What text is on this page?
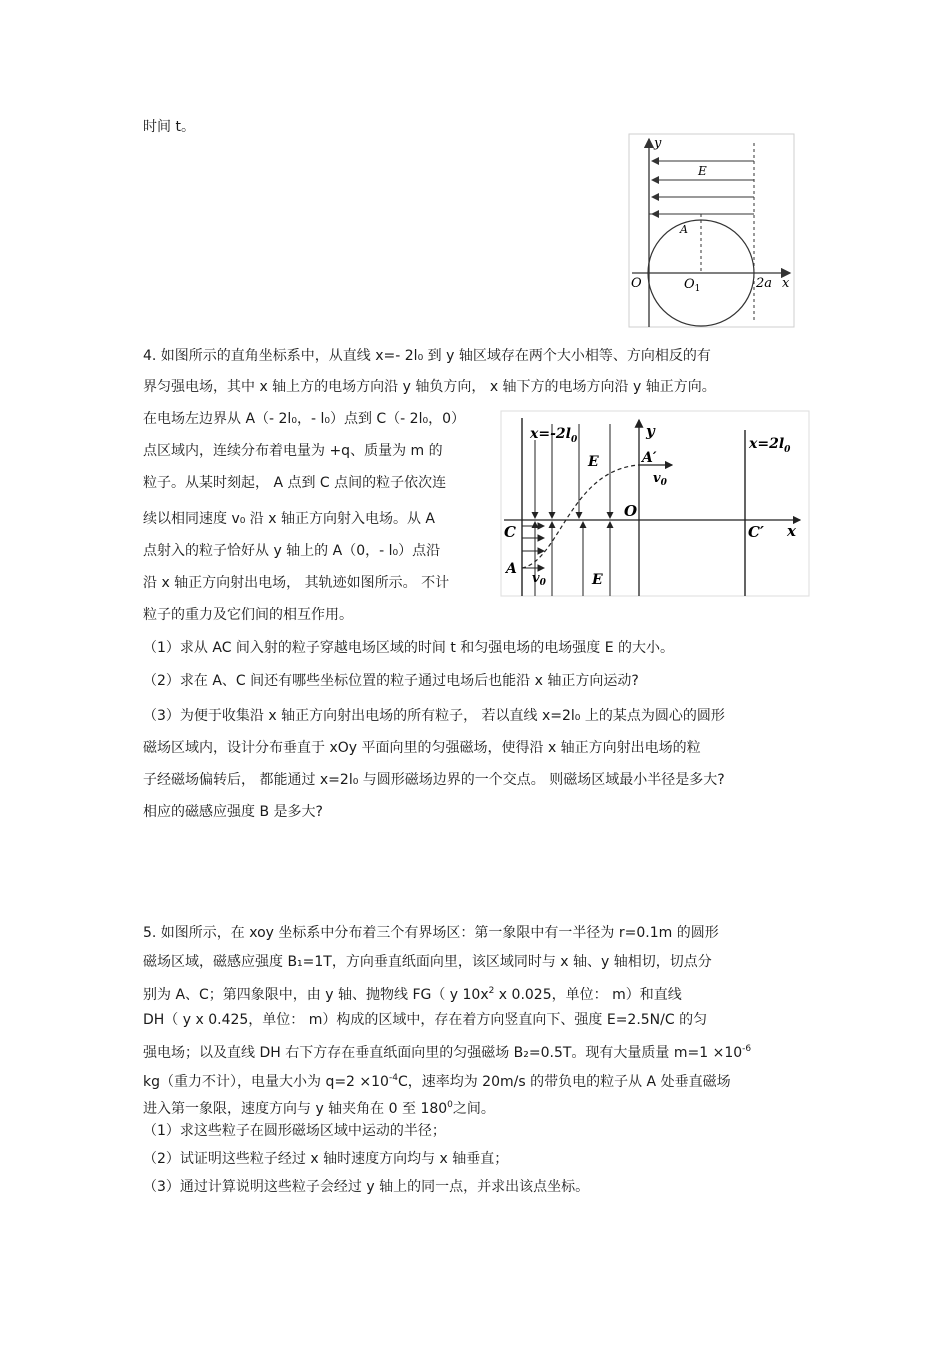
时间 t。
y
E
A
O	$O_1$	2a x
4. 如图所示的直角坐标系中，从直线 x=- 2l₀ 到 y 轴区域存在两个大小相等、方向相反的有
界匀强电场，其中 x 轴上方的电场方向沿 y 轴负方向， x 轴下方的电场方向沿 y 轴正方向。
在电场左边界从 A（- 2l₀，- l₀）点到 C（- 2l₀，0）
点区域内，连续分布着电量为 +q、质量为 m 的
粒子。从某时刻起， A 点到 C 点间的粒子依次连
续以相同速度 v₀ 沿 x 轴正方向射入电场。从 A
点射入的粒子恰好从 y 轴上的 A（0，- l₀）点沿
沿 x 轴正方向射出电场， 其轨迹如图所示。 不计
粒子的重力及它们间的相互作用。
（1）求从 AC 间入射的粒子穿越电场区域的时间 t 和匀强电场的电场强度 E 的大小。
（2）求在 A、C 间还有哪些坐标位置的粒子通过电场后也能沿 x 轴正方向运动?
（3）为便于收集沿 x 轴正方向射出电场的所有粒子， 若以直线 x=2l₀ 上的某点为圆心的圆形
磁场区域内，设计分布垂直于 xOy 平面向里的匀强磁场，使得沿 x 轴正方向射出电场的粒
子经磁场偏转后， 都能通过 x=2l₀ 与圆形磁场边界的一个交点。 则磁场区域最小半径是多大?
相应的磁感应强度 B 是多大?
$x=-2l_0$	$x=2l_0$
y
E	A′
$v_0$
O
C	C′ x
A
$v_0$	E
5. 如图所示，在 xoy 坐标系中分布着三个有界场区：第一象限中有一半径为 r=0.1m 的圆形
磁场区域，磁感应强度 B₁=1T，方向垂直纸面向里，该区域同时与 x 轴、y 轴相切，切点分
别为 A、C；第四象限中，由 y 轴、抛物线 FG（ y $10x^2$ x 0.025，单位： m）和直线
DH（ y x 0.425，单位： m）构成的区域中，存在着方向竖直向下、强度 E=2.5N/C 的匀
强电场；以及直线 DH 右下方存在垂直纸面向里的匀强磁场 B₂=0.5T。现有大量质量 $m=1 \times 10^{-6}$
kg（重力不计），电量大小为 $q=2 \times 10^{-4}C$，速率均为 20m/s 的带负电的粒子从 A 处垂直磁场
进入第一象限，速度方向与 y 轴夹角在 0 至 $180^0$之间。
（1）求这些粒子在圆形磁场区域中运动的半径；
（2）试证明这些粒子经过 x 轴时速度方向均与 x 轴垂直；
（3）通过计算说明这些粒子会经过 y 轴上的同一点，并求出该点坐标。
